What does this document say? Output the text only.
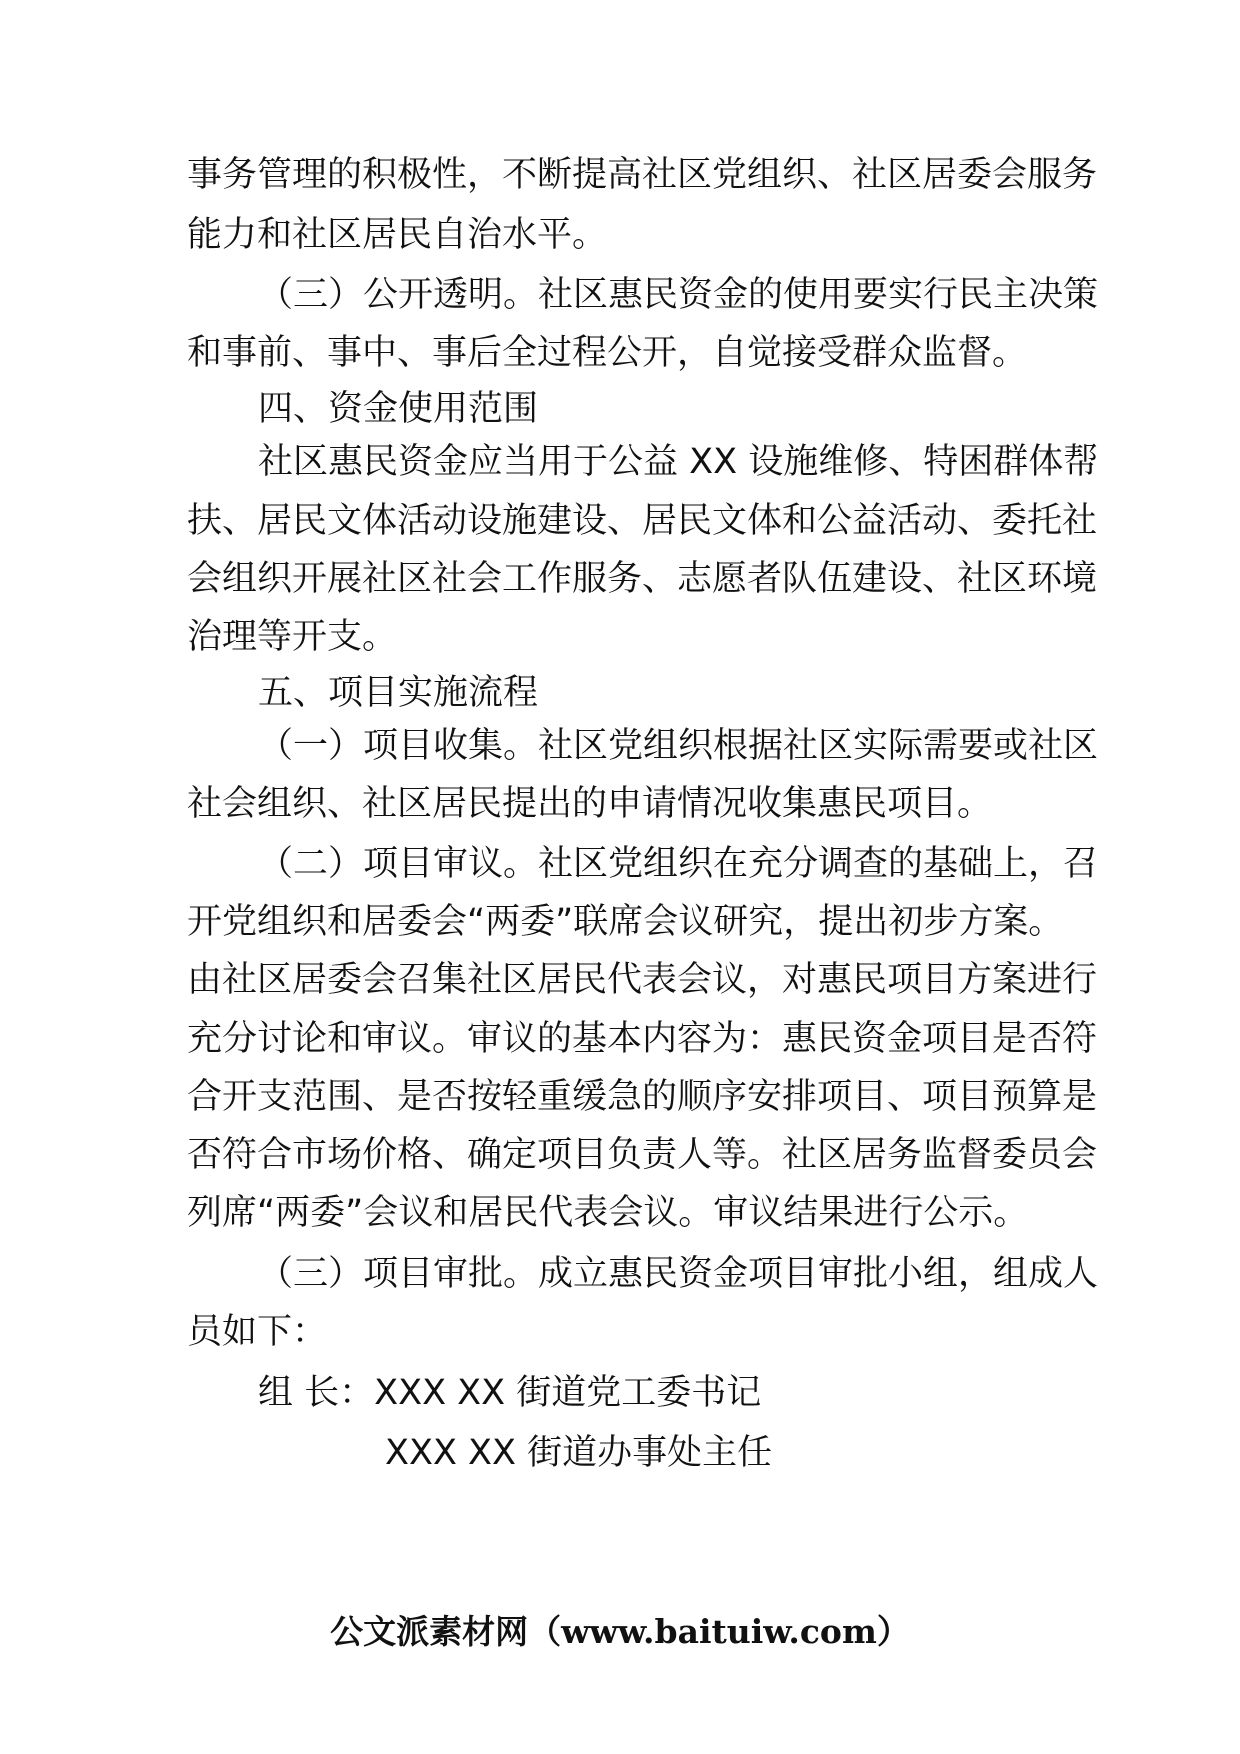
事务管理的积极性，不断提高社区党组织、社区居委会服务

能力和社区居民自治水平。

（三）公开透明。社区惠民资金的使用要实行民主决策

和事前、事中、事后全过程公开，自觉接受群众监督。

四、资金使用范围

社区惠民资金应当用于公益 XX 设施维修、特困群体帮

扶、居民文体活动设施建设、居民文体和公益活动、委托社

会组织开展社区社会工作服务、志愿者队伍建设、社区环境

治理等开支。

五、项目实施流程

（一）项目收集。社区党组织根据社区实际需要或社区

社会组织、社区居民提出的申请情况收集惠民项目。

（二）项目审议。社区党组织在充分调查的基础上，召

开党组织和居委会“两委”联席会议研究，提出初步方案。

由社区居委会召集社区居民代表会议，对惠民项目方案进行

充分讨论和审议。审议的基本内容为：惠民资金项目是否符

合开支范围、是否按轻重缓急的顺序安排项目、项目预算是

否符合市场价格、确定项目负责人等。社区居务监督委员会

列席“两委”会议和居民代表会议。审议结果进行公示。

（三）项目审批。成立惠民资金项目审批小组，组成人

员如下：

组 长：XXX XX 街道党工委书记

XXX XX 街道办事处主任

公文派素材网（www.baituiw.com）
